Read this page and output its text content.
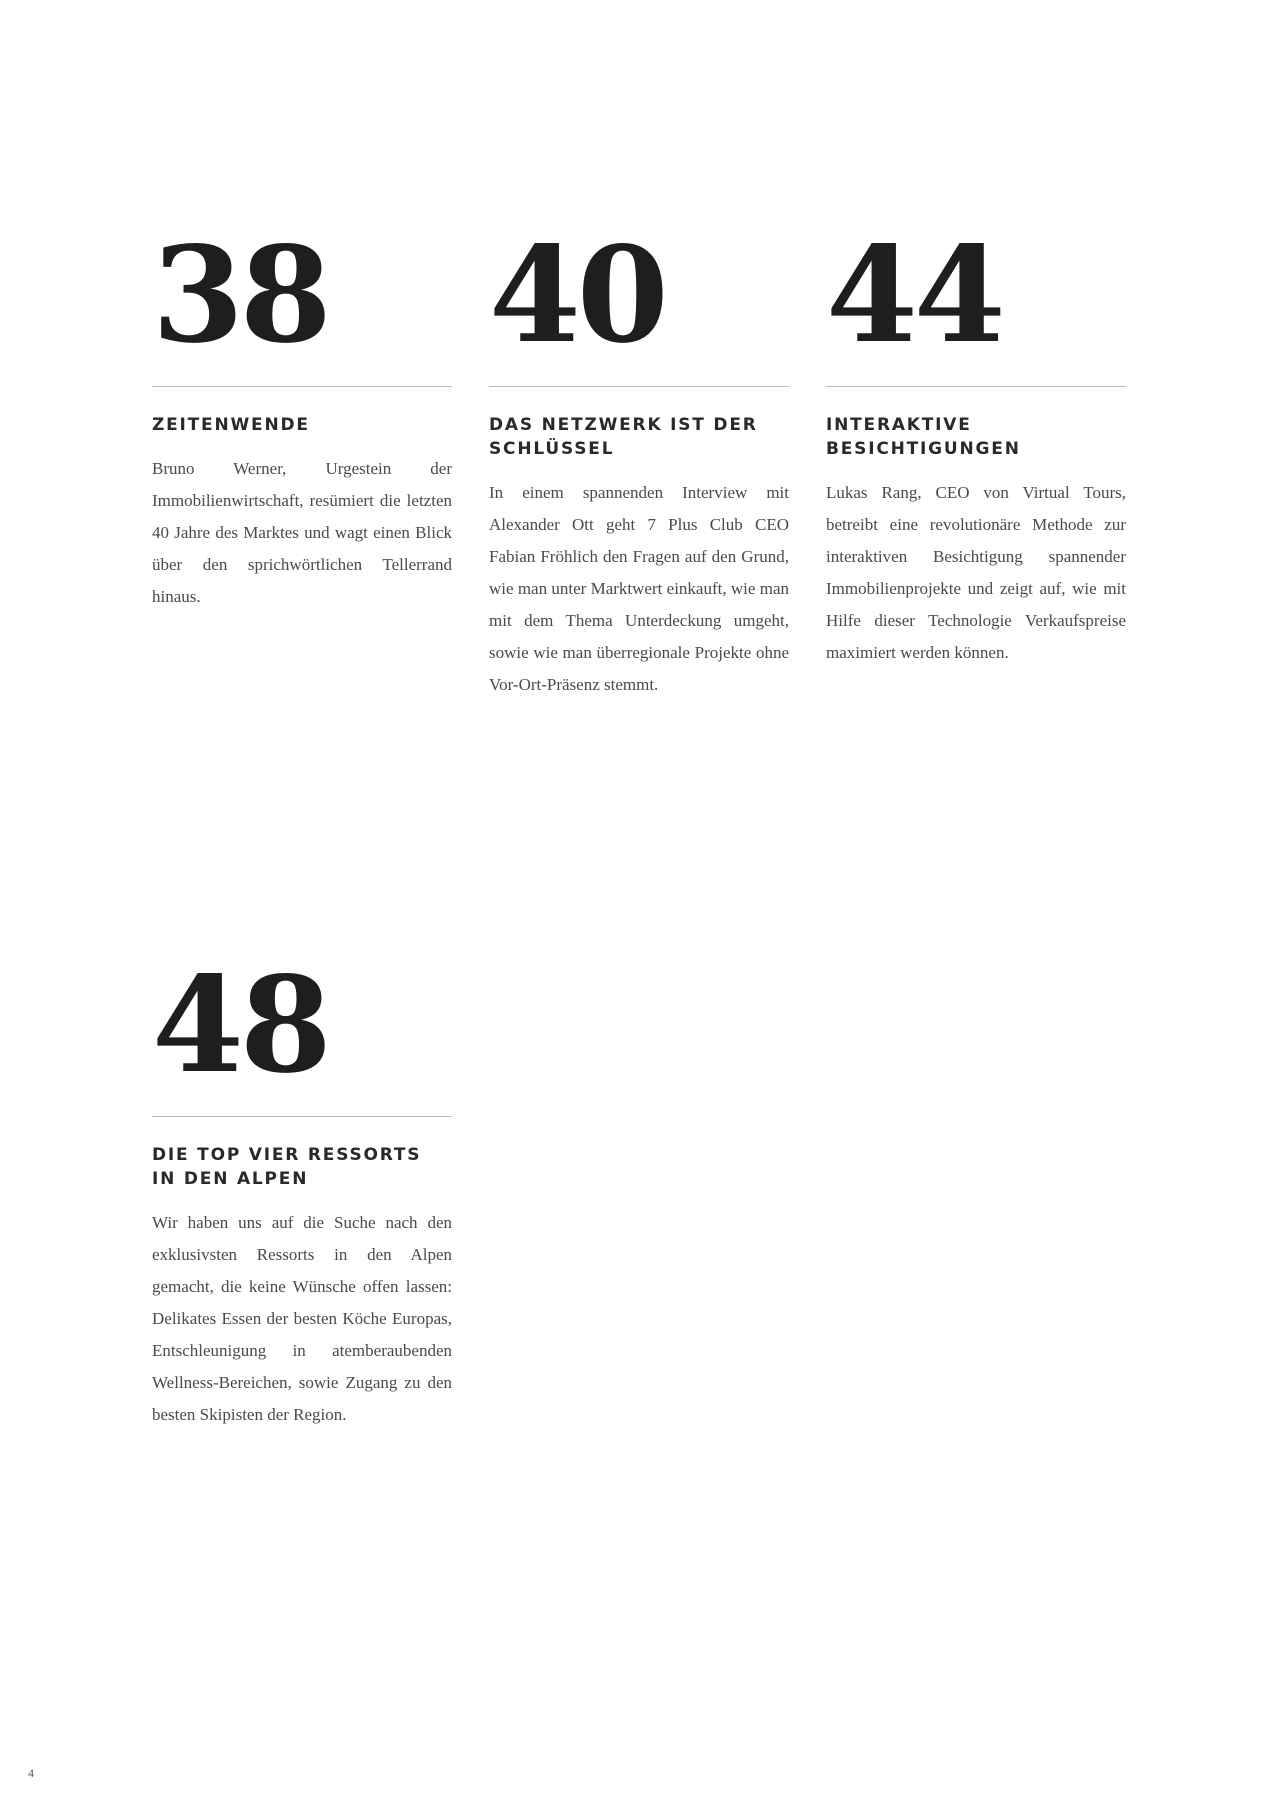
38
ZEITENWENDE
Bruno Werner, Urgestein der Immobilienwirtschaft, resümiert die letzten 40 Jahre des Marktes und wagt einen Blick über den sprichwörtlichen Tellerrand hinaus.
40
DAS NETZWERK IST DER SCHLÜSSEL
In einem spannenden Interview mit Alexander Ott geht 7 Plus Club CEO Fabian Fröhlich den Fragen auf den Grund, wie man unter Marktwert einkauft, wie man mit dem Thema Unterdeckung umgeht, sowie wie man überregionale Projekte ohne Vor-Ort-Präsenz stemmt.
44
INTERAKTIVE BESICHTIGUNGEN
Lukas Rang, CEO von Virtual Tours, betreibt eine revolutionäre Methode zur interaktiven Besichtigung spannender Immobilienprojekte und zeigt auf, wie mit Hilfe dieser Technologie Verkaufspreise maximiert werden können.
48
DIE TOP VIER RESSORTS IN DEN ALPEN
Wir haben uns auf die Suche nach den exklusivsten Ressorts in den Alpen gemacht, die keine Wünsche offen lassen: Delikates Essen der besten Köche Europas, Entschleunigung in atemberaubenden Wellness-Bereichen, sowie Zugang zu den besten Skipisten der Region.
4
